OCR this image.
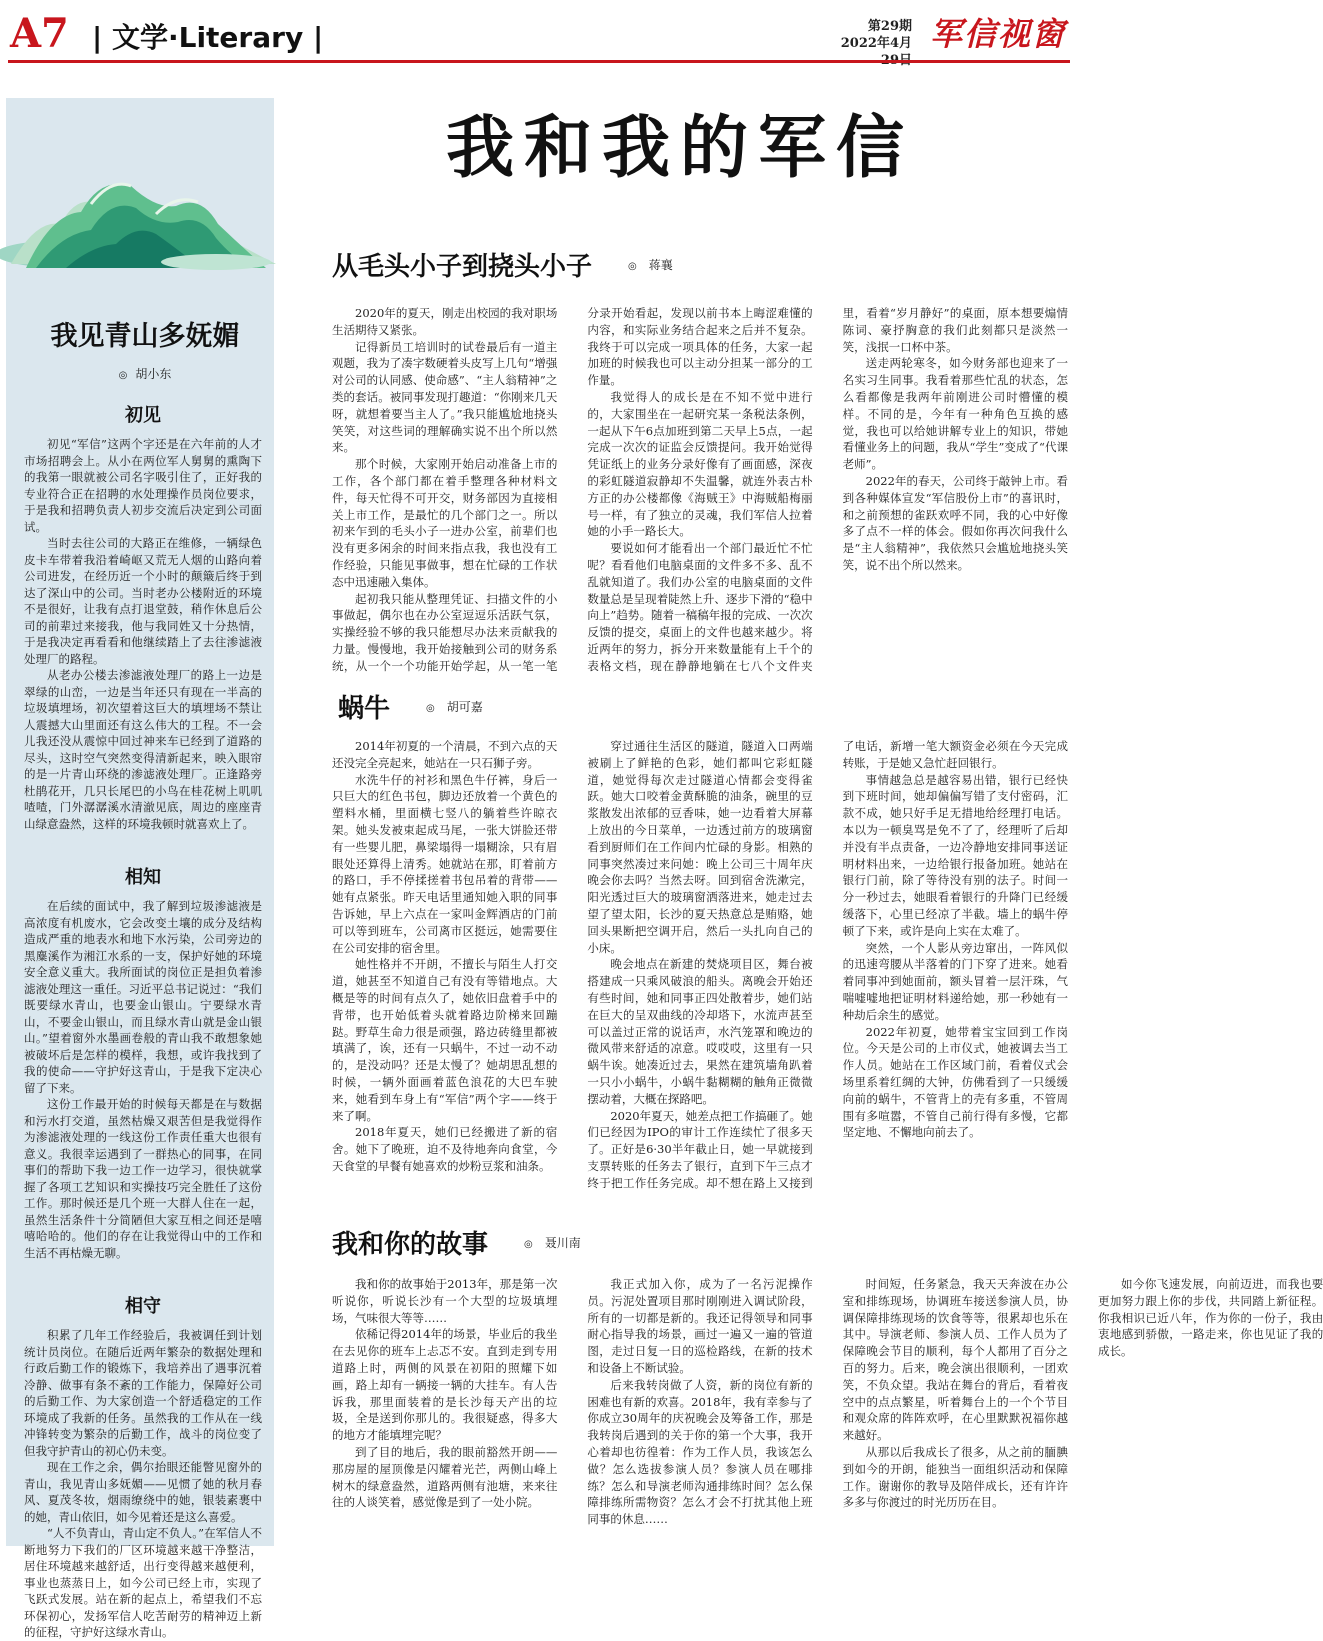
A7 | 文学·Literary |	第29期
2022年4月 军信视窗
我见青山多妩媚
◎ 胡小东
初见

初见“军信”这两个字还是在六年前的人才市场招聘会上。从小在两位军人舅舅的熏陶下的我第一眼就被公司名字吸引住了，正好我的专业符合正在招聘的水处理操作员岗位要求，于是我和招聘负责人初步交流后决定到公司面试。

当时去往公司的大路正在维修，一辆绿色皮卡车带着我沿着崎岖又荒无人烟的山路向着公司进发，在经历近一个小时的颠簸后终于到达了深山中的公司。当时老办公楼附近的环境不是很好，让我有点打退堂鼓，稍作休息后公司的前辈过来接我，他与我同姓又十分热情，于是我决定再看看和他继续踏上了去往渗滤液处理厂的路程。

从老办公楼去渗滤液处理厂的路上一边是翠绿的山峦，一边是当年还只有现在一半高的垃圾填埋场，初次望着这巨大的填埋场不禁让人震撼大山里面还有这么伟大的工程。不一会儿我还没从震惊中回过神来车已经到了道路的尽头，这时空气突然变得清新起来，映入眼帘的是一片青山环绕的渗滤液处理厂。正逢路旁杜鹃花开，几只长尾巴的小鸟在桂花树上叽叽喳喳，门外潺潺溪水清澈见底，周边的座座青山绿意盎然，这样的环境我顿时就喜欢上了。

相知

在后续的面试中，我了解到垃圾渗滤液是高浓度有机废水，它会改变土壤的成分及结构造成严重的地表水和地下水污染，公司旁边的黑麋溪作为湘江水系的一支，保护好她的环境安全意义重大。我所面试的岗位正是担负着渗滤液处理这一重任。习近平总书记说过：“我们既要绿水青山，也要金山银山。宁要绿水青山，不要金山银山，而且绿水青山就是金山银山。”望着窗外水墨画卷般的青山我不敢想象她被破坏后是怎样的模样，我想，或许我找到了我的使命——守护好这青山，于是我下定决心留了下来。

这份工作最开始的时候每天都是在与数据和污水打交道，虽然枯燥又艰苦但是我觉得作为渗滤液处理的一线这份工作责任重大也很有意义。我很幸运遇到了一群热心的同事，在同事们的帮助下我一边工作一边学习，很快就掌握了各项工艺知识和实操技巧完全胜任了这份工作。那时候还是几个班一大群人住在一起，虽然生活条件十分简陋但大家互相之间还是嘻嘻哈哈的。他们的存在让我觉得山中的工作和生活不再枯燥无聊。

相守

积累了几年工作经验后，我被调任到计划统计员岗位。在随后近两年繁杂的数据处理和行政后勤工作的锻炼下，我培养出了遇事沉着冷静、做事有条不紊的工作能力，保障好公司的后勤工作、为大家创造一个舒适稳定的工作环境成了我新的任务。虽然我的工作从在一线冲锋转变为繁杂的后勤工作，战斗的岗位变了但我守护青山的初心仍未变。

现在工作之余，偶尔抬眼还能瞥见窗外的青山，我见青山多妩媚——见惯了她的秋月春风、夏茂冬妆，烟雨缭绕中的她，银装素裹中的她，青山依旧，如今见着还是这么喜爱。

“人不负青山，青山定不负人。”在军信人不断地努力下我们的厂区环境越来越干净整洁，居住环境越来越舒适，出行变得越来越便利，事业也蒸蒸日上，如今公司已经上市，实现了飞跃式发展。站在新的起点上，希望我们不忘环保初心，发扬军信人吃苦耐劳的精神迈上新的征程，守护好这绿水青山。

我和我的军信
从毛头小子到挠头小子	◎ 蒋襄

2020年的夏天，刚走出校园的我对职场生活期待又紧张。

记得新员工培训时的试卷最后有一道主观题，我为了凑字数硬着头皮写上几句“增强对公司的认同感、使命感”、“主人翁精神”之类的套话。被同事发现打趣道：“你刚来几天呀，就想着要当主人了。”我只能尴尬地挠头笑笑，对这些词的理解确实说不出个所以然来。

那个时候，大家刚开始启动准备上市的工作，各个部门都在着手整理各种材料文件，每天忙得不可开交，财务部因为直接相关上市工作，是最忙的几个部门之一。所以初来乍到的毛头小子一进办公室，前辈们也没有更多闲余的时间来指点我，我也没有工作经验，只能见事做事，想在忙碌的工作状态中迅速融入集体。

起初我只能从整理凭证、扫描文件的小事做起，偶尔也在办公室逗逗乐活跃气氛，实操经验不够的我只能想尽办法来贡献我的力量。慢慢地，我开始接触到公司的财务系统，从一个一个功能开始学起，从一笔一笔分录开始看起，发现以前书本上晦涩难懂的内容，和实际业务结合起来之后并不复杂。我终于可以完成一项具体的任务，大家一起加班的时候我也可以主动分担某一部分的工作量。

我觉得人的成长是在不知不觉中进行的，大家围坐在一起研究某一条税法条例，一起从下午6点加班到第二天早上5点，一起完成一次次的证监会反馈提问。我开始觉得凭证纸上的业务分录好像有了画面感，深夜的彩虹隧道寂静却不失温馨，就连外表古朴方正的办公楼都像《海贼王》中海贼船梅丽号一样，有了独立的灵魂，我们军信人拉着她的小手一路长大。

要说如何才能看出一个部门最近忙不忙呢？看看他们电脑桌面的文件多不多、乱不乱就知道了。我们办公室的电脑桌面的文件数量总是呈现着陡然上升、逐步下滑的“稳中向上”趋势。随着一稿稿年报的完成、一次次反馈的提交，桌面上的文件也越来越少。将近两年的努力，拆分开来数量能有上千个的表格文档，现在静静地躺在七八个文件夹里，看着“岁月静好”的桌面，原本想要煽情陈词、豪抒胸意的我们此刻都只是淡然一笑，浅抿一口杯中茶。

送走两轮寒冬，如今财务部也迎来了一名实习生同事。我看着那些忙乱的状态，怎么看都像是我两年前刚进公司时懵懂的模样。不同的是，今年有一种角色互换的感觉，我也可以给她讲解专业上的知识，带她看懂业务上的问题，我从“学生”变成了“代课老师”。

2022年的春天，公司终于敲钟上市。看到各种媒体宣发“军信股份上市”的喜讯时，和之前预想的雀跃欢呼不同，我的心中好像多了点不一样的体会。假如你再次问我什么是“主人翁精神”，我依然只会尴尬地挠头笑笑，说不出个所以然来。

蜗牛	◎ 胡可嘉

2014年初夏的一个清晨，不到六点的天还没完全亮起来，她站在一只石狮子旁。

水洗牛仔的衬衫和黑色牛仔裤，身后一只巨大的红色书包，脚边还放着一个黄色的塑料水桶，里面横七竖八的躺着些许晾衣架。她头发被束起成马尾，一张大饼脸还带有一些婴儿肥，鼻梁塌得一塌糊涂，只有眉眼处还算得上清秀。她就站在那，盯着前方的路口，手不停揉搓着书包吊着的背带——她有点紧张。昨天电话里通知她入职的同事告诉她，早上六点在一家叫金辉酒店的门前可以等到班车，公司离市区挺远，她需要住在公司安排的宿舍里。

她性格并不开朗，不擅长与陌生人打交道，她甚至不知道自己有没有等错地点。大概是等的时间有点久了，她依旧盘着手中的背带，也开始低着头就着路边阶梯来回蹦跶。野草生命力很是顽强，路边砖缝里都被填满了，诶，还有一只蜗牛，不过一动不动的，是没动吗？还是太慢了？她胡思乱想的时候，一辆外面画着蓝色浪花的大巴车驶来，她看到车身上有“军信”两个字——终于来了啊。

2018年夏天，她们已经搬进了新的宿舍。她下了晚班，迫不及待地奔向食堂，今天食堂的早餐有她喜欢的炒粉豆浆和油条。

穿过通往生活区的隧道，隧道入口两端被刷上了鲜艳的色彩，她们都叫它彩虹隧道，她觉得每次走过隧道心情都会变得雀跃。她大口咬着金黄酥脆的油条，碗里的豆浆散发出浓郁的豆香味，她一边看着大屏幕上放出的今日菜单，一边透过前方的玻璃窗看到厨师们在工作间内忙碌的身影。相熟的同事突然凑过来问她：晚上公司三十周年庆晚会你去吗？当然去呀。回到宿舍洗漱完，阳光透过巨大的玻璃窗洒落进来，她走过去望了望太阳，长沙的夏天热意总是贿赂，她回头果断把空调开启，然后一头扎向自己的小床。

晚会地点在新建的焚烧项目区，舞台被搭建成一只乘风破浪的船头。离晚会开始还有些时间，她和同事正四处散着步，她们站在巨大的呈双曲线的冷却塔下，水流声甚至可以盖过正常的说话声，水汽笼罩和晚边的微风带来舒适的凉意。哎哎哎，这里有一只蜗牛诶。她凑近过去，果然在建筑墙角趴着一只小小蜗牛，小蜗牛黏糊糊的触角正微微摆动着，大概在探路吧。

2020年夏天，她差点把工作搞砸了。她们已经因为IPO的审计工作连续忙了很多天了。正好是6·30半年截止日，她一早就接到支票转账的任务去了银行，直到下午三点才终于把工作任务完成。却不想在路上又接到了电话，新增一笔大额资金必须在今天完成转账，于是她又急忙赶回银行。

事情越急总是越容易出错，银行已经快到下班时间，她却偏偏写错了支付密码，汇款不成，她只好手足无措地给经理打电话。本以为一顿臭骂是免不了了，经理听了后却并没有半点责备，一边冷静地安排同事送证明材料出来，一边给银行报备加班。她站在银行门前，除了等待没有别的法子。时间一分一秒过去，她眼看着银行的升降门已经缓缓落下，心里已经凉了半截。墙上的蜗牛停顿了下来，或许是向上实在太难了。

突然，一个人影从旁边窜出，一阵风似的迅速弯腰从半落着的门下穿了进来。她看着同事冲到她面前，额头冒着一层汗珠，气喘嘘嘘地把证明材料递给她，那一秒她有一种劫后余生的感觉。

2022年初夏，她带着宝宝回到工作岗位。今天是公司的上市仪式，她被调去当工作人员。她站在工作区域门前，看着仪式会场里系着红绸的大钟，仿佛看到了一只缓缓向前的蜗牛，不管背上的壳有多重，不管周围有多喧嚣，不管自己前行得有多慢，它都坚定地、不懈地向前去了。

我和你的故事	◎ 聂川南

我和你的故事始于2013年，那是第一次听说你，听说长沙有一个大型的垃圾填埋场，气味很大等等……

依稀记得2014年的场景，毕业后的我坐在去见你的班车上忐忑不安。直到走到专用道路上时，两侧的风景在初阳的照耀下如画，路上却有一辆接一辆的大挂车。有人告诉我，那里面装着的是长沙每天产出的垃圾，全是送到你那儿的。我很疑惑，得多大的地方才能填埋完呢？

到了目的地后，我的眼前豁然开朗——那房屋的屋顶像是闪耀着光芒，两侧山峰上树木的绿意盎然，道路两侧有池塘，来来往往的人谈笑着，感觉像是到了一处小院。

我正式加入你，成为了一名污泥操作员。污泥处置项目那时刚刚进入调试阶段，所有的一切都是新的。我还记得领导和同事耐心指导我的场景，画过一遍又一遍的管道图，走过日复一日的巡检路线，在新的技术和设备上不断试验。

后来我转岗做了人资，新的岗位有新的困难也有新的欢喜。2018年，我有幸参与了你成立30周年的庆祝晚会及筹备工作，那是我转岗后遇到的关于你的第一个大事，我开心着却也彷徨着：作为工作人员，我该怎么做？怎么选拔参演人员？参演人员在哪排练？怎么和导演老师沟通排练时间？怎么保障排练所需物资？怎么才会不打扰其他上班同事的休息……

时间短，任务紧急，我天天奔波在办公室和排练现场，协调班车接送参演人员，协调保障排练现场的饮食等等，很累却也乐在其中。导演老师、参演人员、工作人员为了保障晚会节目的顺利，每个人都用了百分之百的努力。后来，晚会演出很顺利，一团欢笑，不负众望。我站在舞台的背后，看着夜空中的点点繁星，听着舞台上的一个个节目和观众席的阵阵欢呼，在心里默默祝福你越来越好。

从那以后我成长了很多，从之前的腼腆到如今的开朗，能独当一面组织活动和保障工作。谢谢你的教导及陪伴成长，还有许许多多与你渡过的时光历历在目。

如今你飞速发展，向前迈进，而我也要更加努力跟上你的步伐，共同踏上新征程。你我相识已近八年，作为你的一份子，我由衷地感到骄傲，一路走来，你也见证了我的成长。
